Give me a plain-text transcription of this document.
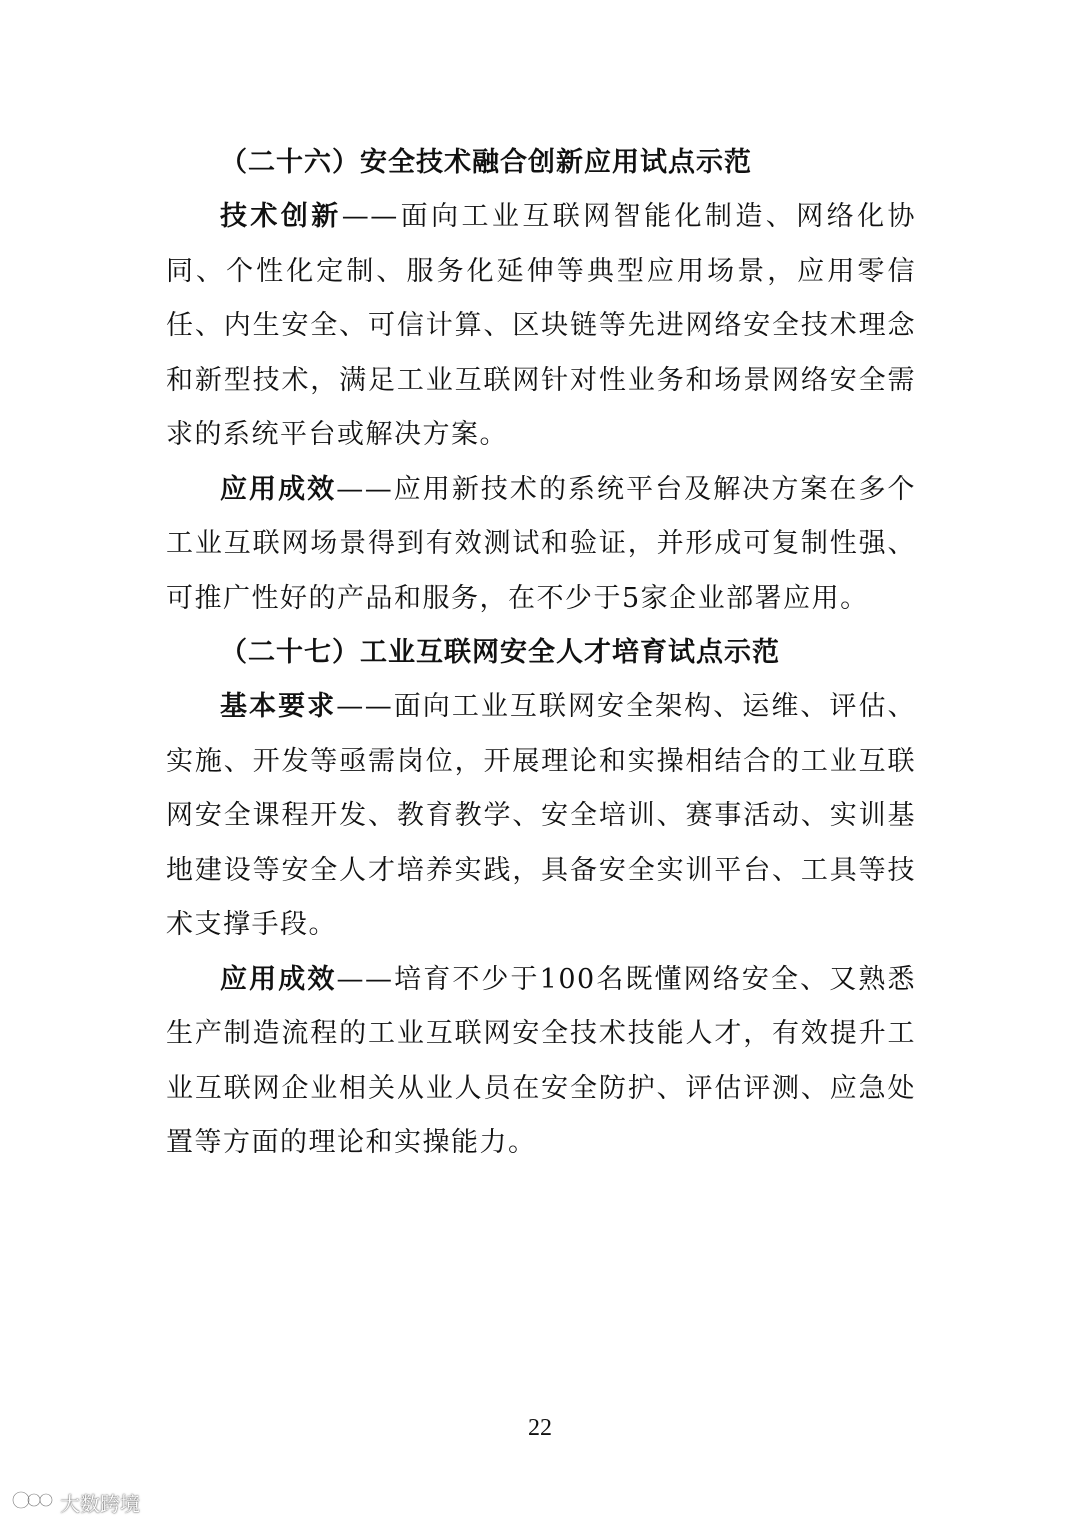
（二十六）安全技术融合创新应用试点示范

技术创新——面向工业互联网智能化制造、网络化协同、个性化定制、服务化延伸等典型应用场景，应用零信任、内生安全、可信计算、区块链等先进网络安全技术理念和新型技术，满足工业互联网针对性业务和场景网络安全需求的系统平台或解决方案。

应用成效——应用新技术的系统平台及解决方案在多个工业互联网场景得到有效测试和验证，并形成可复制性强、可推广性好的产品和服务，在不少于5家企业部署应用。

（二十七）工业互联网安全人才培育试点示范

基本要求——面向工业互联网安全架构、运维、评估、实施、开发等亟需岗位，开展理论和实操相结合的工业互联网安全课程开发、教育教学、安全培训、赛事活动、实训基地建设等安全人才培养实践，具备安全实训平台、工具等技术支撑手段。

应用成效——培育不少于100名既懂网络安全、又熟悉生产制造流程的工业互联网安全技术技能人才，有效提升工业互联网企业相关从业人员在安全防护、评估评测、应急处置等方面的理论和实操能力。

22
大数跨境
